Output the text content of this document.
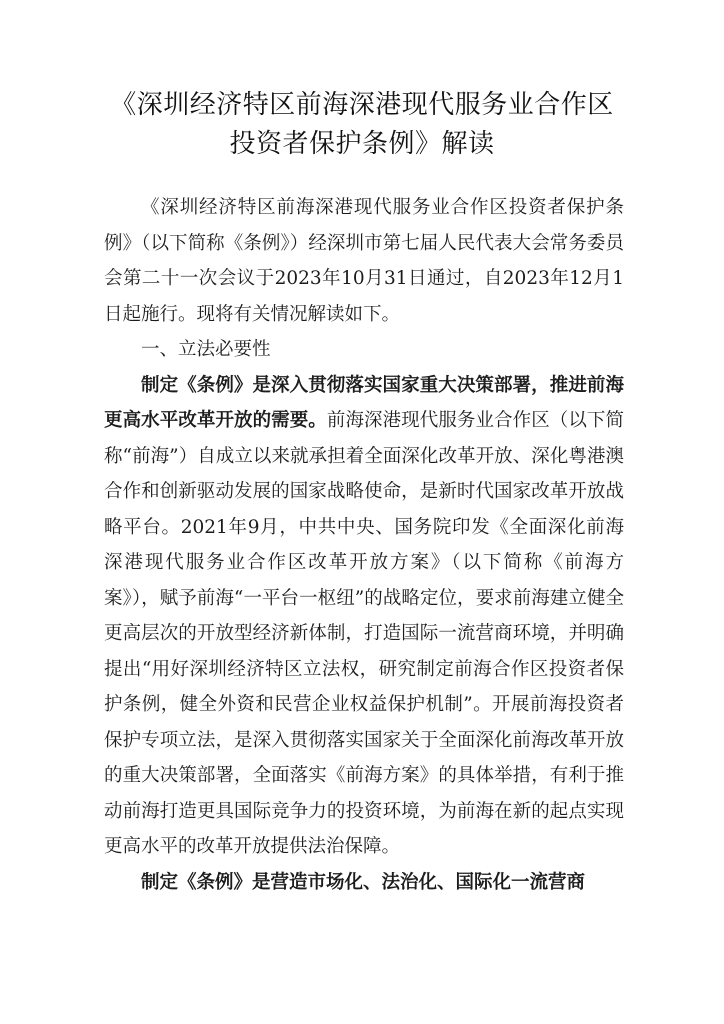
《深圳经济特区前海深港现代服务业合作区
投资者保护条例》解读

《深圳经济特区前海深港现代服务业合作区投资者保护条例》（以下简称《条例》）经深圳市第七届人民代表大会常务委员会第二十一次会议于2023年10月31日通过，自2023年12月1日起施行。现将有关情况解读如下。

一、立法必要性

制定《条例》是深入贯彻落实国家重大决策部署，推进前海更高水平改革开放的需要。前海深港现代服务业合作区（以下简称“前海”）自成立以来就承担着全面深化改革开放、深化粤港澳合作和创新驱动发展的国家战略使命，是新时代国家改革开放战略平台。2021年9月，中共中央、国务院印发《全面深化前海深港现代服务业合作区改革开放方案》（以下简称《前海方案》），赋予前海“一平台一枢纽”的战略定位，要求前海建立健全更高层次的开放型经济新体制，打造国际一流营商环境，并明确提出“用好深圳经济特区立法权，研究制定前海合作区投资者保护条例，健全外资和民营企业权益保护机制”。开展前海投资者保护专项立法，是深入贯彻落实国家关于全面深化前海改革开放的重大决策部署，全面落实《前海方案》的具体举措，有利于推动前海打造更具国际竞争力的投资环境，为前海在新的起点实现更高水平的改革开放提供法治保障。

制定《条例》是营造市场化、法治化、国际化一流营商
